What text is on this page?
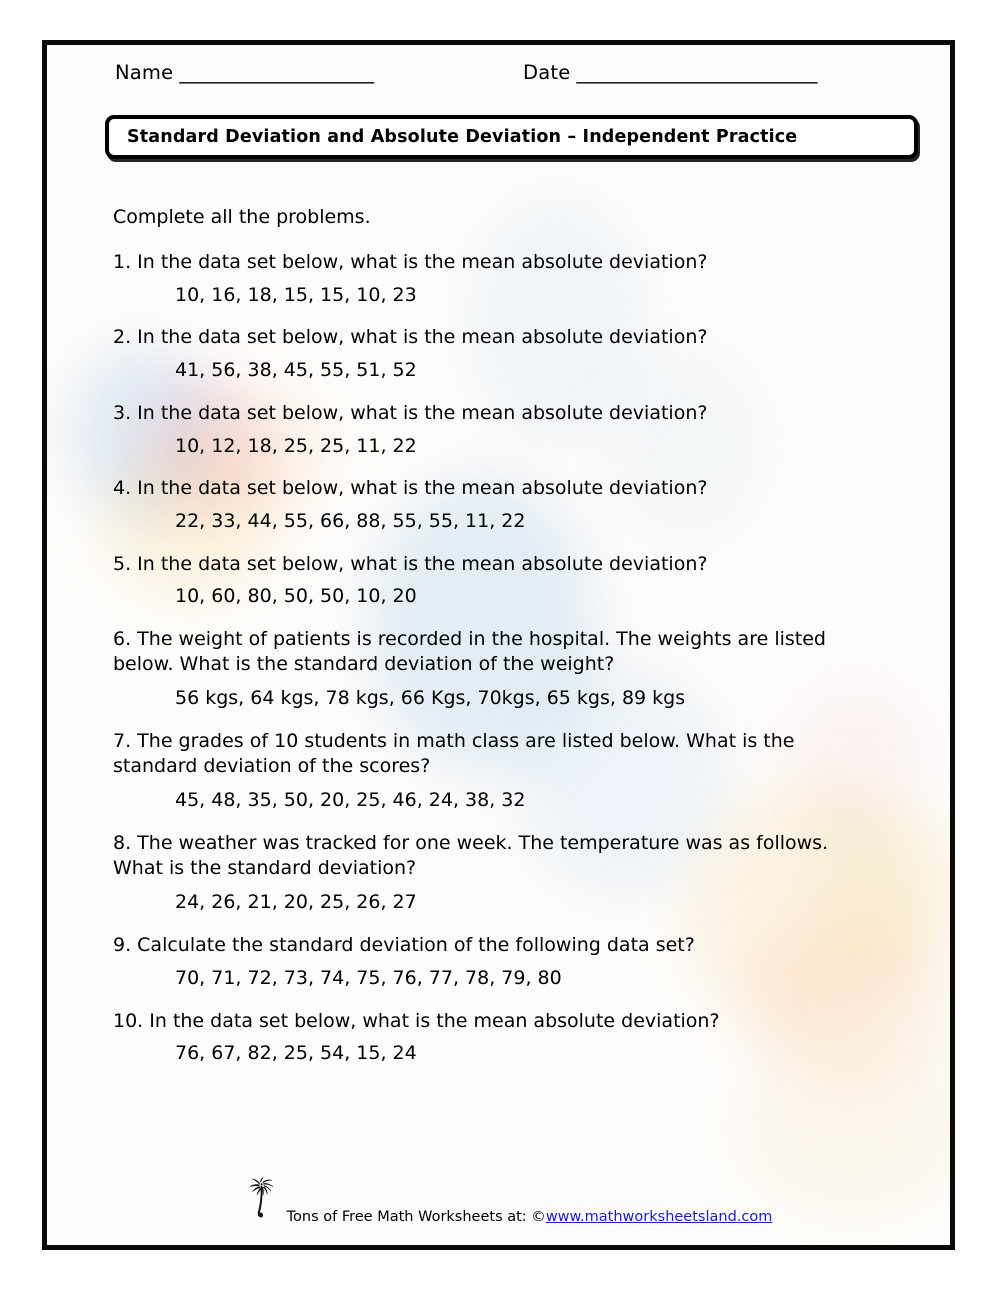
Name _____________________	Date __________________________
Standard Deviation and Absolute Deviation – Independent Practice
Complete all the problems.

1. In the data set below, what is the mean absolute deviation?

10, 16, 18, 15, 15, 10, 23

2. In the data set below, what is the mean absolute deviation?

41, 56, 38, 45, 55, 51, 52

3. In the data set below, what is the mean absolute deviation?

10, 12, 18, 25, 25, 11, 22

4. In the data set below, what is the mean absolute deviation?

22, 33, 44, 55, 66, 88, 55, 55, 11, 22

5. In the data set below, what is the mean absolute deviation?

10, 60, 80, 50, 50, 10, 20

6. The weight of patients is recorded in the hospital. The weights are listed below. What is the standard deviation of the weight?

56 kgs, 64 kgs, 78 kgs, 66 Kgs, 70kgs, 65 kgs, 89 kgs

7. The grades of 10 students in math class are listed below. What is the standard deviation of the scores?

45, 48, 35, 50, 20, 25, 46, 24, 38, 32

8. The weather was tracked for one week. The temperature was as follows. What is the standard deviation?

24, 26, 21, 20, 25, 26, 27

9. Calculate the standard deviation of the following data set?

70, 71, 72, 73, 74, 75, 76, 77, 78, 79, 80

10. In the data set below, what is the mean absolute deviation?

76, 67, 82, 25, 54, 15, 24

Tons of Free Math Worksheets at: ©www.mathworksheetsland.com
